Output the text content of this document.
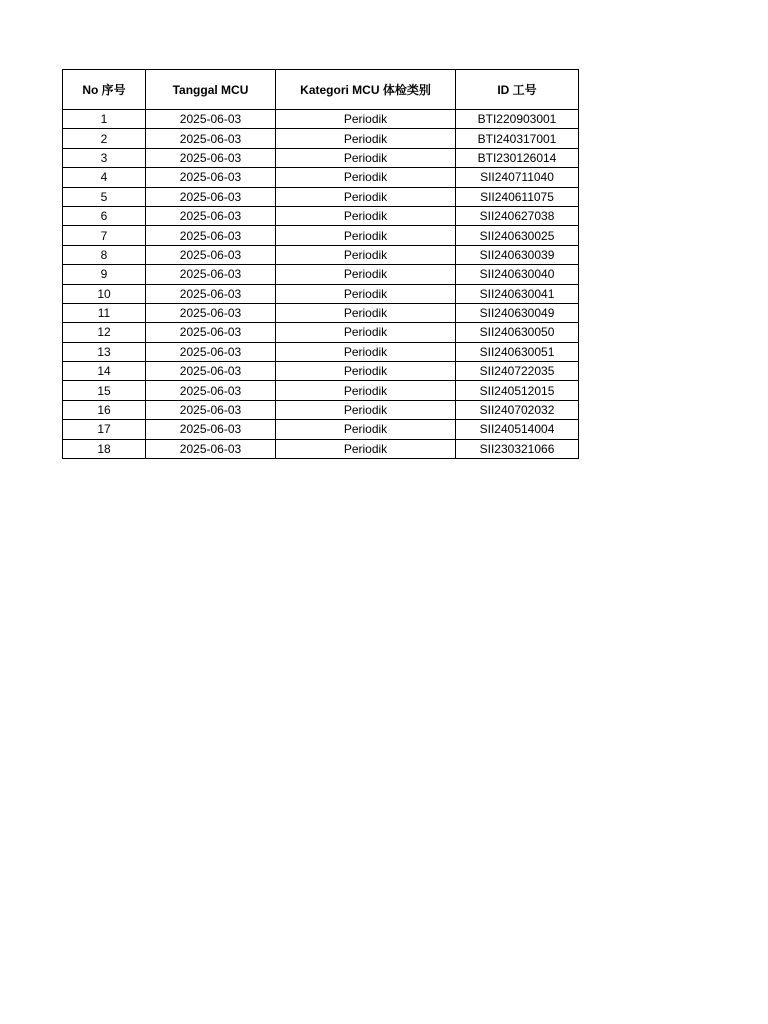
No 序号	Tanggal MCU	Kategori MCU 体检类别	ID 工号
1	2025-06-03	Periodik	BTI220903001
2	2025-06-03	Periodik	BTI240317001
3	2025-06-03	Periodik	BTI230126014
4	2025-06-03	Periodik	SII240711040
5	2025-06-03	Periodik	SII240611075
6	2025-06-03	Periodik	SII240627038
7	2025-06-03	Periodik	SII240630025
8	2025-06-03	Periodik	SII240630039
9	2025-06-03	Periodik	SII240630040
10	2025-06-03	Periodik	SII240630041
11	2025-06-03	Periodik	SII240630049
12	2025-06-03	Periodik	SII240630050
13	2025-06-03	Periodik	SII240630051
14	2025-06-03	Periodik	SII240722035
15	2025-06-03	Periodik	SII240512015
16	2025-06-03	Periodik	SII240702032
17	2025-06-03	Periodik	SII240514004
18	2025-06-03	Periodik	SII230321066
